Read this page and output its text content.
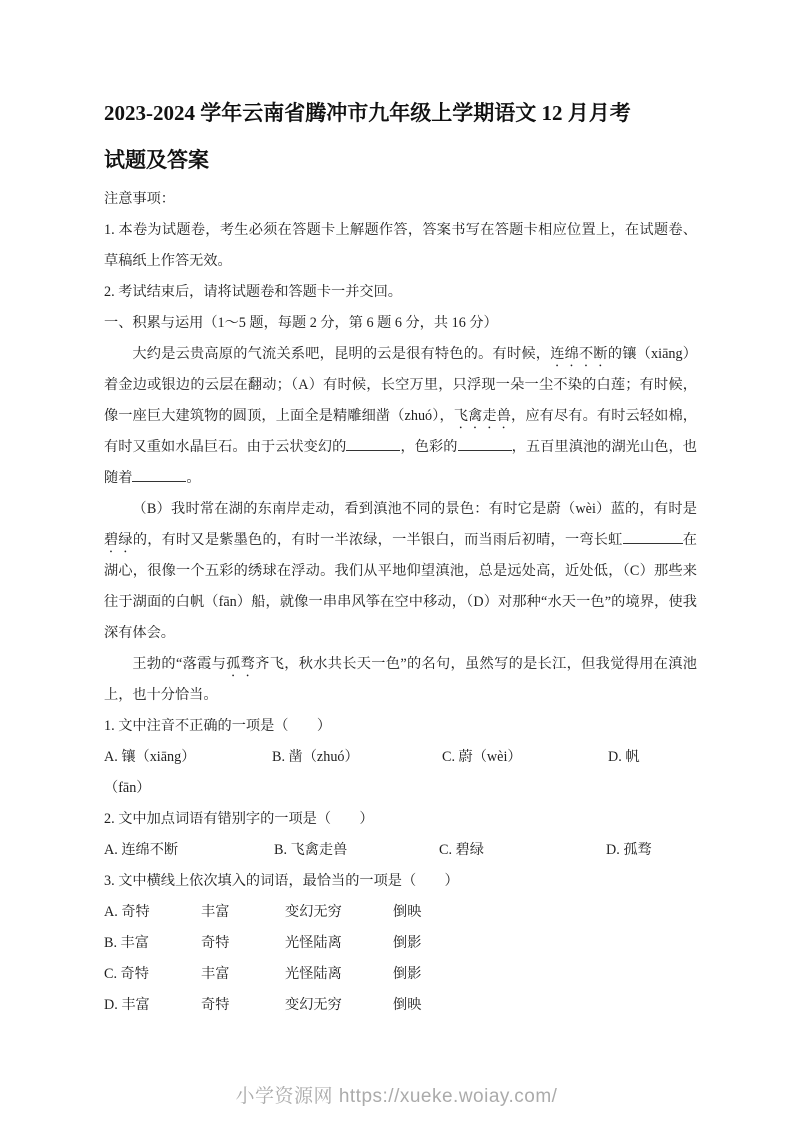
2023-2024 学年云南省腾冲市九年级上学期语文 12 月月考
试题及答案

注意事项：

1. 本卷为试题卷，考生必须在答题卡上解题作答，答案书写在答题卡相应位置上，在试题卷、草稿纸上作答无效。

2. 考试结束后，请将试题卷和答题卡一并交回。

一、积累与运用（1～5 题，每题 2 分，第 6 题 6 分，共 16 分）

大约是云贵高原的气流关系吧，昆明的云是很有特色的。有时候，连绵不断的镶（xiāng）着金边或银边的云层在翻动；（A）有时候，长空万里，只浮现一朵一尘不染的白莲；有时候，像一座巨大建筑物的圆顶，上面全是精雕细凿（zhuó），飞禽走兽，应有尽有。有时云轻如棉，有时又重如水晶巨石。由于云状变幻的	，色彩的	，五百里滇池的湖光山色，也随着	。

（B）我时常在湖的东南岸走动，看到滇池不同的景色：有时它是蔚（wèi）蓝的，有时是碧绿的，有时又是紫墨色的，有时一半浓绿，一半银白，而当雨后初晴，一弯长虹	在湖心，很像一个五彩的绣球在浮动。我们从平地仰望滇池，总是远处高，近处低，（C）那些来往于湖面的白帆（fān）船，就像一串串风筝在空中移动，（D）对那种“水天一色”的境界，使我深有体会。

王勃的“落霞与孤骛齐飞，秋水共长天一色”的名句，虽然写的是长江，但我觉得用在滇池上，也十分恰当。

1. 文中注音不正确的一项是（　　）

A. 镶（xiāng）	B. 凿（zhuó）	C. 蔚（wèi）	D. 帆

（fān）

2. 文中加点词语有错别字的一项是（　　）

A. 连绵不断	B. 飞禽走兽	C. 碧绿	D. 孤骛

3. 文中横线上依次填入的词语，最恰当的一项是（　　）

A. 奇特	丰富	变幻无穷	倒映

B. 丰富	奇特	光怪陆离	倒影

C. 奇特	丰富	光怪陆离	倒影

D. 丰富	奇特	变幻无穷	倒映

小学资源网 https://xueke.woiay.com/
